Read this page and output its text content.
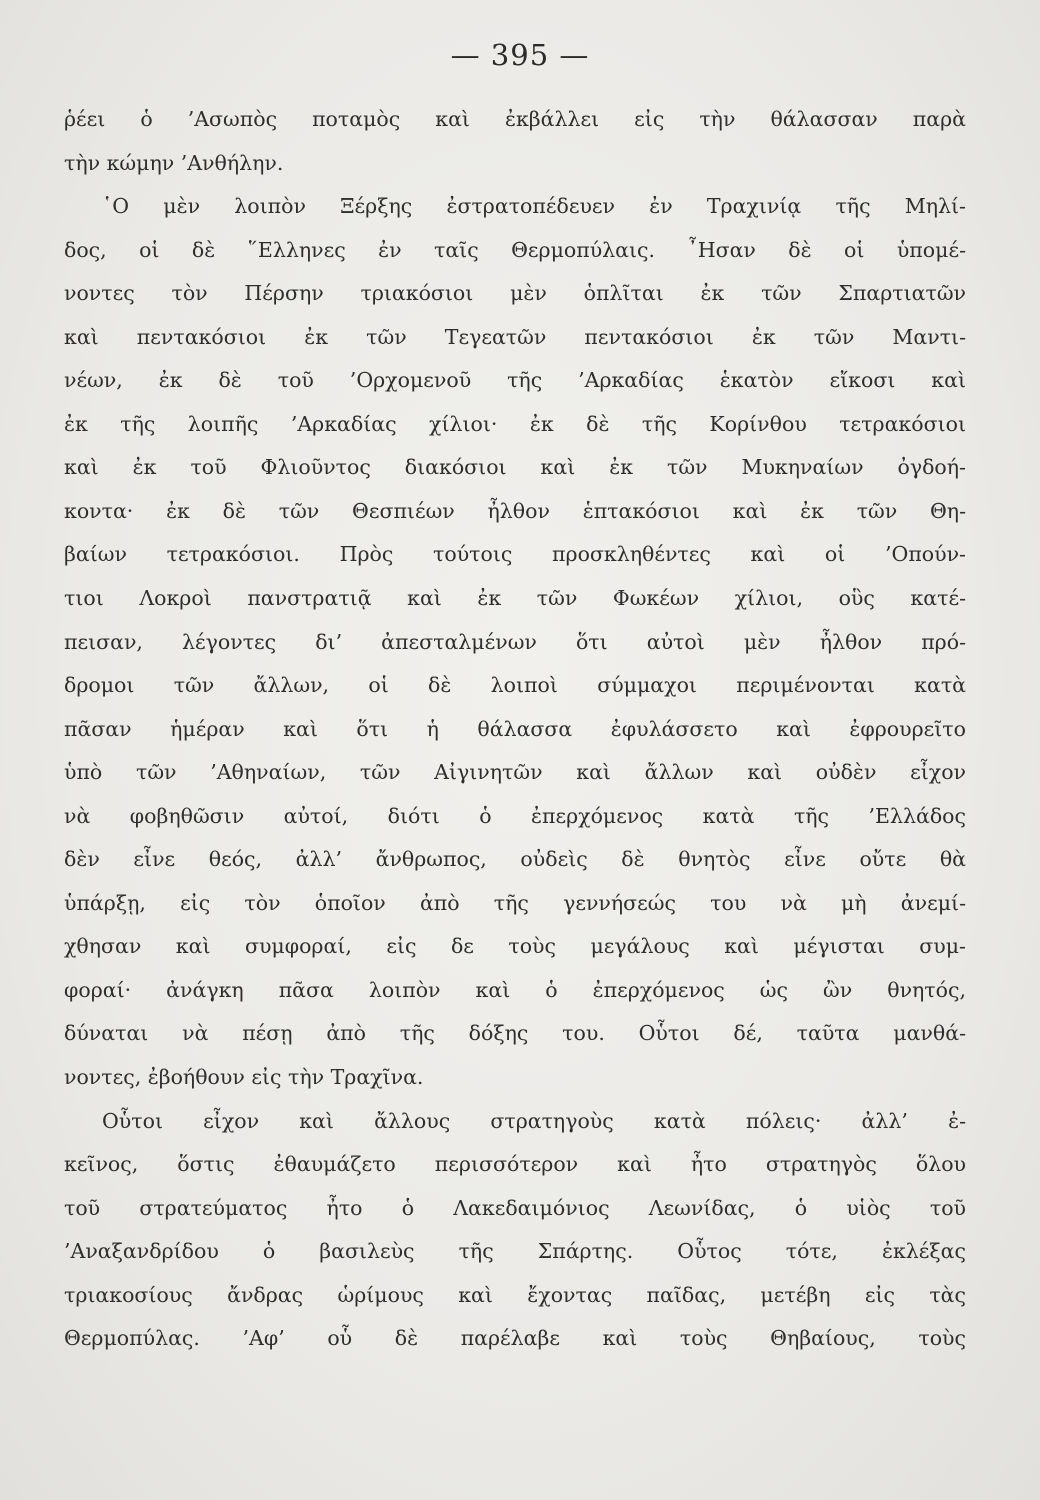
— 395 —
ῥέει ὁ ’Ασωπὸς ποταμὸς καὶ ἐκβάλλει εἰς τὴν θάλασσαν παρὰ
τὴν κώμην ’Ανθήλην.
῾Ο μὲν λοιπὸν Ξέρξης ἐστρατοπέδευεν ἐν Τραχινίᾳ τῆς Μηλί-
δος, οἱ δὲ ῞Ελληνες ἐν ταῖς Θερμοπύλαις. ῏Ησαν δὲ οἱ ὑπομέ-
νοντες τὸν Πέρσην τριακόσιοι μὲν ὁπλῖται ἐκ τῶν Σπαρτιατῶν
καὶ πεντακόσιοι ἐκ τῶν Τεγεατῶν πεντακόσιοι ἐκ τῶν Μαντι-
νέων, ἐκ δὲ τοῦ ’Ορχομενοῦ τῆς ’Αρκαδίας ἑκατὸν εἴκοσι καὶ
ἐκ τῆς λοιπῆς ’Αρκαδίας χίλιοι· ἐκ δὲ τῆς Κορίνθου τετρακόσιοι
καὶ ἐκ τοῦ Φλιοῦντος διακόσιοι καὶ ἐκ τῶν Μυκηναίων ὀγδοή-
κοντα· ἐκ δὲ τῶν Θεσπιέων ἦλθον ἑπτακόσιοι καὶ ἐκ τῶν Θη-
βαίων τετρακόσιοι. Πρὸς τούτοις προσκληθέντες καὶ οἱ ’Οπούν-
τιοι Λοκροὶ πανστρατιᾷ καὶ ἐκ τῶν Φωκέων χίλιοι, οὓς κατέ-
πεισαν, λέγοντες δι’ ἀπεσταλμένων ὅτι αὐτοὶ μὲν ἦλθον πρό-
δρομοι τῶν ἄλλων, οἱ δὲ λοιποὶ σύμμαχοι περιμένονται κατὰ
πᾶσαν ἡμέραν καὶ ὅτι ἡ θάλασσα ἐφυλάσσετο καὶ ἐφρουρεῖτο
ὑπὸ τῶν ’Αθηναίων, τῶν Αἰγινητῶν καὶ ἄλλων καὶ οὐδὲν εἶχον
νὰ φοβηθῶσιν αὐτοί, διότι ὁ ἐπερχόμενος κατὰ τῆς ’Ελλάδος
δὲν εἶνε θεός, ἀλλ’ ἄνθρωπος, οὐδεὶς δὲ θνητὸς εἶνε οὔτε θὰ
ὑπάρξῃ, εἰς τὸν ὁποῖον ἀπὸ τῆς γεννήσεώς του νὰ μὴ ἀνεμί-
χθησαν καὶ συμφοραί, εἰς δε τοὺς μεγάλους καὶ μέγισται συμ-
φοραί· ἀνάγκη πᾶσα λοιπὸν καὶ ὁ ἐπερχόμενος ὡς ὢν θνητός,
δύναται νὰ πέσῃ ἀπὸ τῆς δόξης του. Οὗτοι δέ, ταῦτα μανθά-
νοντες, ἐβοήθουν εἰς τὴν Τραχῖνα.
Οὗτοι εἶχον καὶ ἄλλους στρατηγοὺς κατὰ πόλεις· ἀλλ’ ἐ-
κεῖνος, ὅστις ἐθαυμάζετο περισσότερον καὶ ἦτο στρατηγὸς ὅλου
τοῦ στρατεύματος ἦτο ὁ Λακεδαιμόνιος Λεωνίδας, ὁ υἱὸς τοῦ
’Αναξανδρίδου ὁ βασιλεὺς τῆς Σπάρτης. Οὗτος τότε, ἐκλέξας
τριακοσίους ἄνδρας ὡρίμους καὶ ἔχοντας παῖδας, μετέβη εἰς τὰς
Θερμοπύλας. ’Αφ’ οὗ δὲ παρέλαβε καὶ τοὺς Θηβαίους, τοὺς
